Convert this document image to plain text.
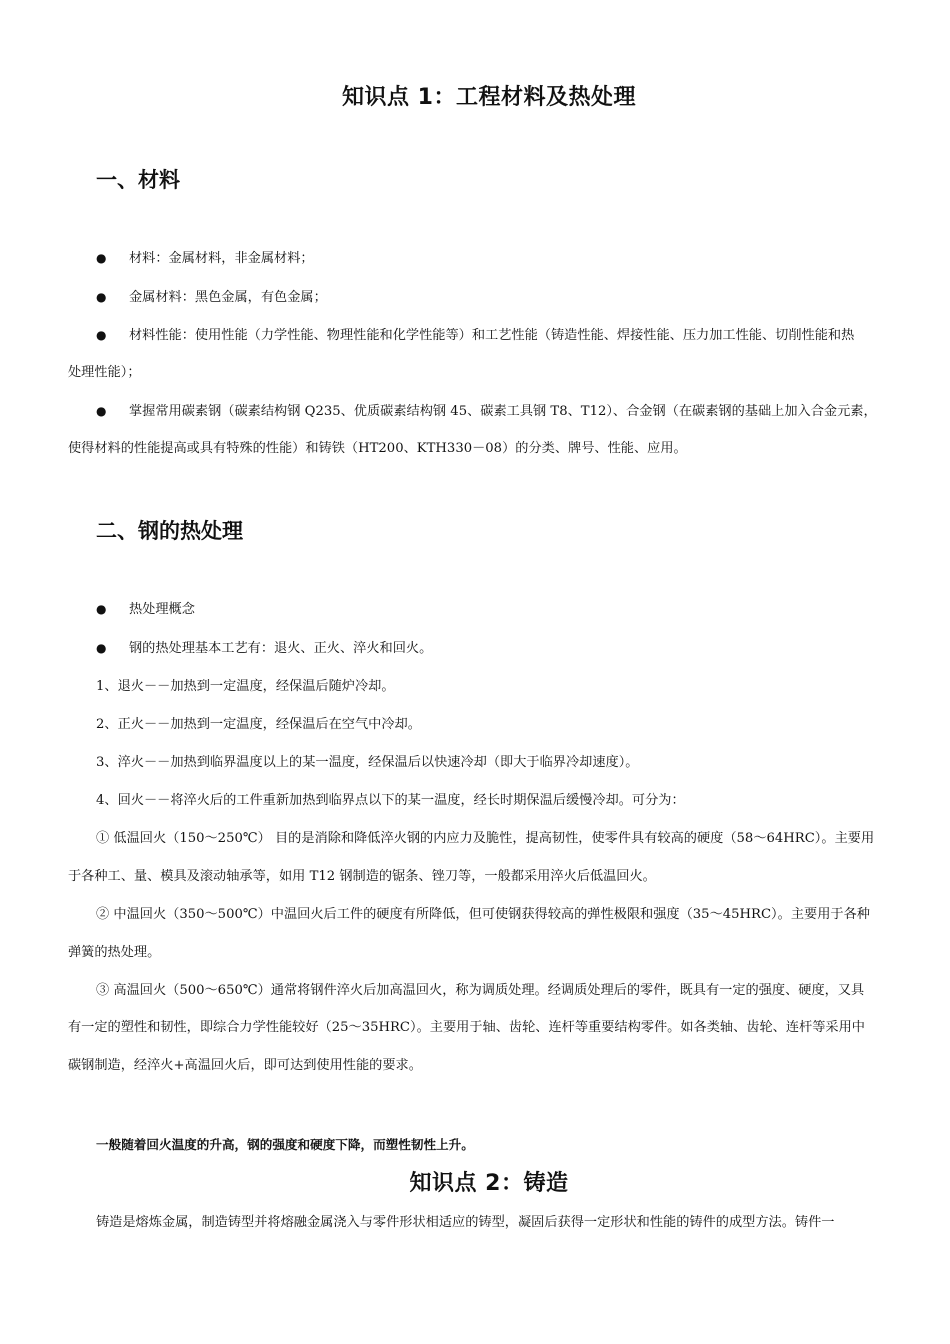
知识点 1：工程材料及热处理
一、材料
● 材料：金属材料，非金属材料；
● 金属材料：黑色金属，有色金属；
● 材料性能：使用性能（力学性能、物理性能和化学性能等）和工艺性能（铸造性能、焊接性能、压力加工性能、切削性能和热
处理性能）；
● 掌握常用碳素钢（碳素结构钢 Q235、优质碳素结构钢 45、碳素工具钢 T8、T12）、合金钢（在碳素钢的基础上加入合金元素，
使得材料的性能提高或具有特殊的性能）和铸铁（HT200、KTH330－08）的分类、牌号、性能、应用。
二、钢的热处理
● 热处理概念
● 钢的热处理基本工艺有：退火、正火、淬火和回火。
1、退火－－加热到一定温度，经保温后随炉冷却。
2、正火－－加热到一定温度，经保温后在空气中冷却。
3、淬火－－加热到临界温度以上的某一温度，经保温后以快速冷却（即大于临界冷却速度）。
4、回火－－将淬火后的工件重新加热到临界点以下的某一温度，经长时期保温后缓慢冷却。可分为：
① 低温回火（150～250℃） 目的是消除和降低淬火钢的内应力及脆性，提高韧性，使零件具有较高的硬度（58～64HRC）。主要用
于各种工、量、模具及滚动轴承等，如用 T12 钢制造的锯条、锉刀等，一般都采用淬火后低温回火。
② 中温回火（350～500℃）中温回火后工件的硬度有所降低，但可使钢获得较高的弹性极限和强度（35～45HRC）。主要用于各种
弹簧的热处理。
③ 高温回火（500～650℃）通常将钢件淬火后加高温回火，称为调质处理。经调质处理后的零件，既具有一定的强度、硬度，又具
有一定的塑性和韧性，即综合力学性能较好（25～35HRC）。主要用于轴、齿轮、连杆等重要结构零件。如各类轴、齿轮、连杆等采用中
碳钢制造，经淬火+高温回火后，即可达到使用性能的要求。
一般随着回火温度的升高，钢的强度和硬度下降，而塑性韧性上升。
知识点 2：铸造
铸造是熔炼金属，制造铸型并将熔融金属浇入与零件形状相适应的铸型，凝固后获得一定形状和性能的铸件的成型方法。铸件一
